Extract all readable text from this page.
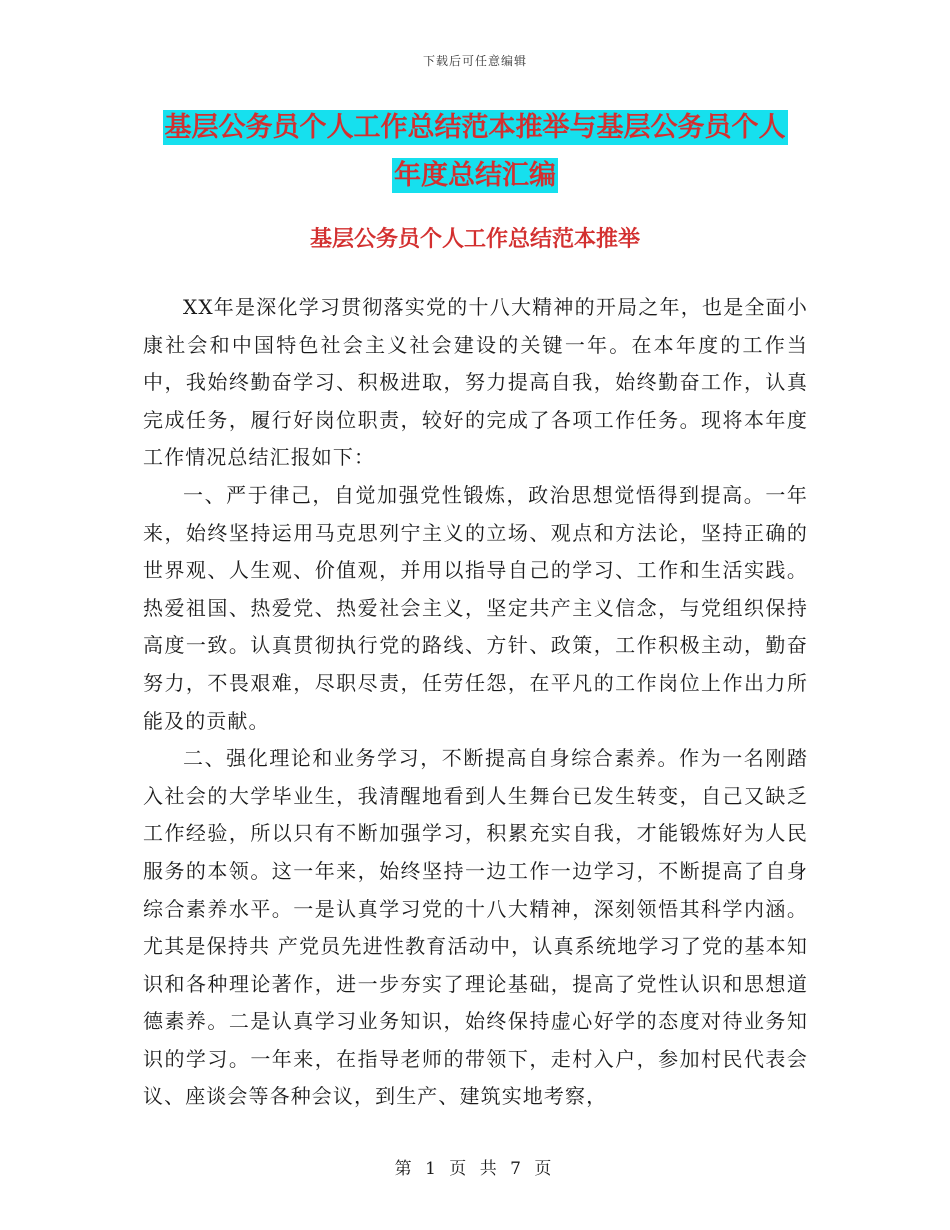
下载后可任意编辑
基层公务员个人工作总结范本推举与基层公务员个人
年度总结汇编
基层公务员个人工作总结范本推举

XX年是深化学习贯彻落实党的十八大精神的开局之年，也是全面小康社会和中国特色社会主义社会建设的关键一年。在本年度的工作当中，我始终勤奋学习、积极进取，努力提高自我，始终勤奋工作，认真完成任务，履行好岗位职责，较好的完成了各项工作任务。现将本年度工作情况总结汇报如下：

一、严于律己，自觉加强党性锻炼，政治思想觉悟得到提高。一年来，始终坚持运用马克思列宁主义的立场、观点和方法论，坚持正确的世界观、人生观、价值观，并用以指导自己的学习、工作和生活实践。热爱祖国、热爱党、热爱社会主义，坚定共产主义信念，与党组织保持高度一致。认真贯彻执行党的路线、方针、政策，工作积极主动，勤奋努力，不畏艰难，尽职尽责，任劳任怨，在平凡的工作岗位上作出力所能及的贡献。

二、强化理论和业务学习，不断提高自身综合素养。作为一名刚踏入社会的大学毕业生，我清醒地看到人生舞台已发生转变，自己又缺乏工作经验，所以只有不断加强学习，积累充实自我，才能锻炼好为人民服务的本领。这一年来，始终坚持一边工作一边学习，不断提高了自身综合素养水平。一是认真学习党的十八大精神，深刻领悟其科学内涵。尤其是保持共 产党员先进性教育活动中，认真系统地学习了党的基本知识和各种理论著作，进一步夯实了理论基础，提高了党性认识和思想道德素养。二是认真学习业务知识，始终保持虚心好学的态度对待业务知识的学习。一年来，在指导老师的带领下，走村入户，参加村民代表会议、座谈会等各种会议，到生产、建筑实地考察，

第 1 页 共 7 页
